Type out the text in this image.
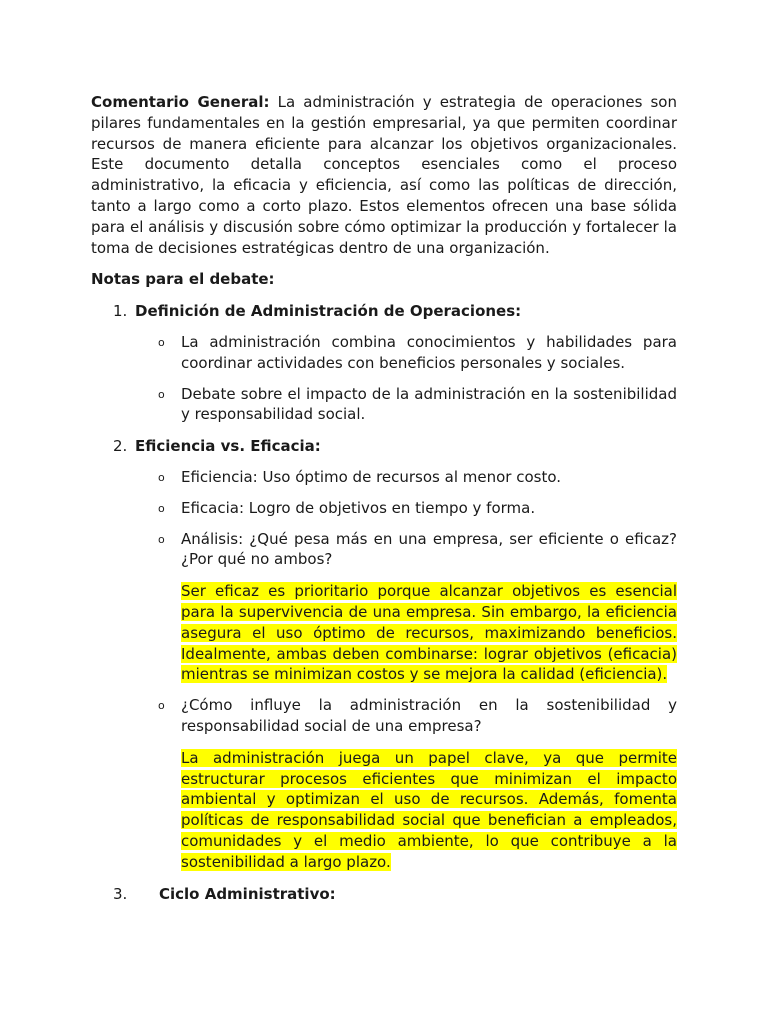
Comentario General: La administración y estrategia de operaciones son pilares fundamentales en la gestión empresarial, ya que permiten coordinar recursos de manera eficiente para alcanzar los objetivos organizacionales. Este documento detalla conceptos esenciales como el proceso administrativo, la eficacia y eficiencia, así como las políticas de dirección, tanto a largo como a corto plazo. Estos elementos ofrecen una base sólida para el análisis y discusión sobre cómo optimizar la producción y fortalecer la toma de decisiones estratégicas dentro de una organización.

Notas para el debate:
1. Definición de Administración de Operaciones:
o La administración combina conocimientos y habilidades para coordinar actividades con beneficios personales y sociales.
o Debate sobre el impacto de la administración en la sostenibilidad y responsabilidad social.
2. Eficiencia vs. Eficacia:
o Eficiencia: Uso óptimo de recursos al menor costo.
o Eficacia: Logro de objetivos en tiempo y forma.
o Análisis: ¿Qué pesa más en una empresa, ser eficiente o eficaz? ¿Por qué no ambos?

Ser eficaz es prioritario porque alcanzar objetivos es esencial para la supervivencia de una empresa. Sin embargo, la eficiencia asegura el uso óptimo de recursos, maximizando beneficios. Idealmente, ambas deben combinarse: lograr objetivos (eficacia) mientras se minimizan costos y se mejora la calidad (eficiencia).

o ¿Cómo influye la administración en la sostenibilidad y responsabilidad social de una empresa?

La administración juega un papel clave, ya que permite estructurar procesos eficientes que minimizan el impacto ambiental y optimizan el uso de recursos. Además, fomenta políticas de responsabilidad social que benefician a empleados, comunidades y el medio ambiente, lo que contribuye a la sostenibilidad a largo plazo.

3. Ciclo Administrativo:
